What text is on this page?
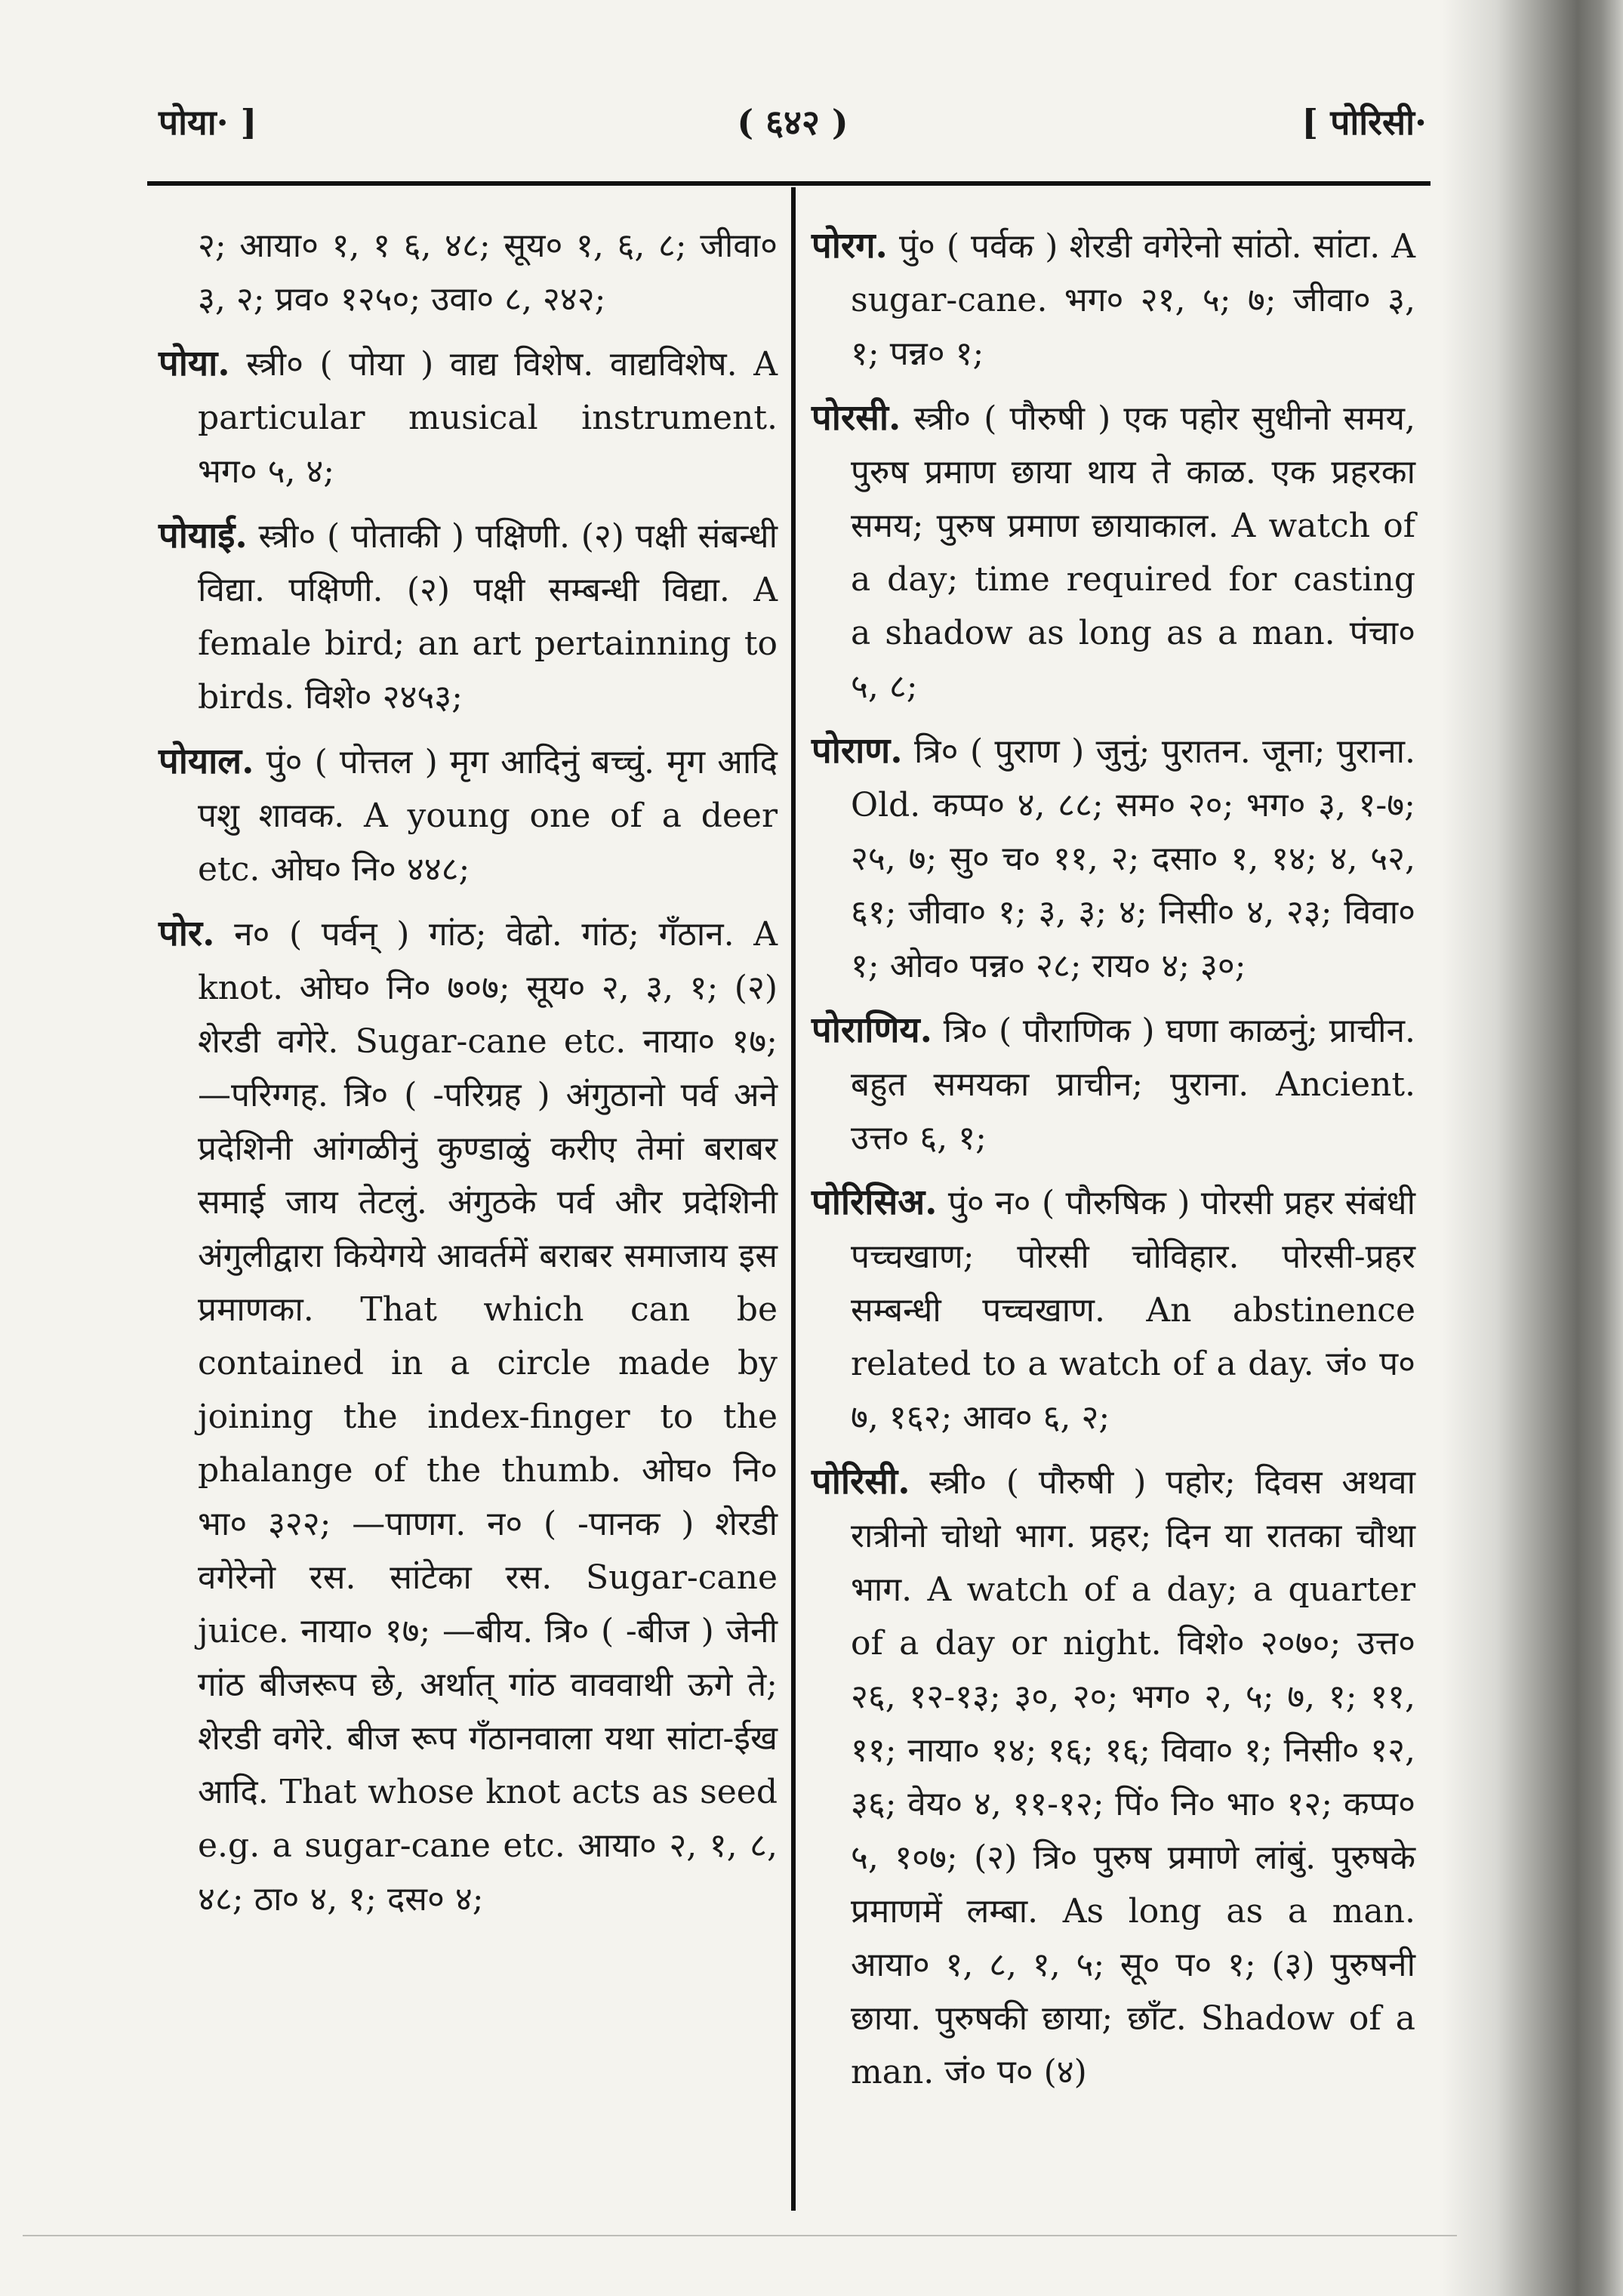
पोया· ]	( ६४२ )	[ पोरिसी·

२; आया० १, १ ६, ४८; सूय० १, ६, ८; जीवा० ३, २; प्रव० १२५०; उवा० ८, २४२;

पोया. स्त्री० ( पोया ) वाद्य विशेष. वाद्यविशेष. A particular musical instrument. भग० ५, ४;

पोयाई. स्त्री० ( पोताकी ) पक्षिणी. (२) पक्षी संबन्धी विद्या. पक्षिणी. (२) पक्षी सम्बन्धी विद्या. A female bird; an art pertainning to birds. विशे० २४५३;

पोयाल. पुं० ( पोत्तल ) मृग आदिनुं बच्चुं. मृग आदि पशु शावक. A young one of a deer etc. ओघ० नि० ४४८;

पोर. न० ( पर्वन् ) गांठ; वेढो. गांठ; गँठान. A knot. ओघ० नि० ७०७; सूय० २, ३, १; (२) शेरडी वगेरे. Sugar-cane etc. नाया० १७; —परिग्गह. त्रि० ( -परिग्रह ) अंगुठानो पर्व अने प्रदेशिनी आंगळीनुं कुण्डाळुं करीए तेमां बराबर समाई जाय तेटलुं. अंगुठके पर्व और प्रदेशिनी अंगुलीद्वारा कियेगये आवर्तमें बराबर समाजाय इस प्रमाणका. That which can be contained in a circle made by joining the index-finger to the phalange of the thumb. ओघ० नि० भा० ३२२; —पाणग. न० ( -पानक ) शेरडी वगेरेनो रस. सांटेका रस. Sugar-cane juice. नाया० १७; —बीय. त्रि० ( -बीज ) जेनी गांठ बीजरूप छे, अर्थात् गांठ वाववाथी ऊगे ते; शेरडी वगेरे. बीज रूप गँठानवाला यथा सांटा-ईख आदि. That whose knot acts as seed e.g. a sugar-cane etc. आया० २, १, ८, ४८; ठा० ४, १; दस० ४;

पोरग. पुं० ( पर्वक ) शेरडी वगेरेनो सांठो. सांटा. A sugar-cane. भग० २१, ५; ७; जीवा० ३, १; पन्न० १;

पोरसी. स्त्री० ( पौरुषी ) एक पहोर सुधीनो समय, पुरुष प्रमाण छाया थाय ते काळ. एक प्रहरका समय; पुरुष प्रमाण छायाकाल. A watch of a day; time required for casting a shadow as long as a man. पंचा० ५, ८;

पोराण. त्रि० ( पुराण ) जुनुं; पुरातन. जूना; पुराना. Old. कप्प० ४, ८८; सम० २०; भग० ३, १-७; २५, ७; सु० च० ११, २; दसा० १, १४; ४, ५२, ६१; जीवा० १; ३, ३; ४; निसी० ४, २३; विवा० १; ओव० पन्न० २८; राय० ४; ३०;

पोराणिय. त्रि० ( पौराणिक ) घणा काळनुं; प्राचीन. बहुत समयका प्राचीन; पुराना. Ancient. उत्त० ६, १;

पोरिसिअ. पुं० न० ( पौरुषिक ) पोरसी प्रहर संबंधी पच्चखाण; पोरसी चोविहार. पोरसी-प्रहर सम्बन्धी पच्चखाण. An abstinence related to a watch of a day. जं० प० ७, १६२; आव० ६, २;

पोरिसी. स्त्री० ( पौरुषी ) पहोर; दिवस अथवा रात्रीनो चोथो भाग. प्रहर; दिन या रातका चौथा भाग. A watch of a day; a quarter of a day or night. विशे० २०७०; उत्त० २६, १२-१३; ३०, २०; भग० २, ५; ७, १; ११, ११; नाया० १४; १६; १६; विवा० १; निसी० १२, ३६; वेय० ४, ११-१२; पिं० नि० भा० १२; कप्प० ५, १०७; (२) त्रि० पुरुष प्रमाणे लांबुं. पुरुषके प्रमाणमें लम्बा. As long as a man. आया० १, ८, १, ५; सू० प० १; (३) पुरुषनी छाया. पुरुषकी छाया; छाँट. Shadow of a man. जं० प० (४)
